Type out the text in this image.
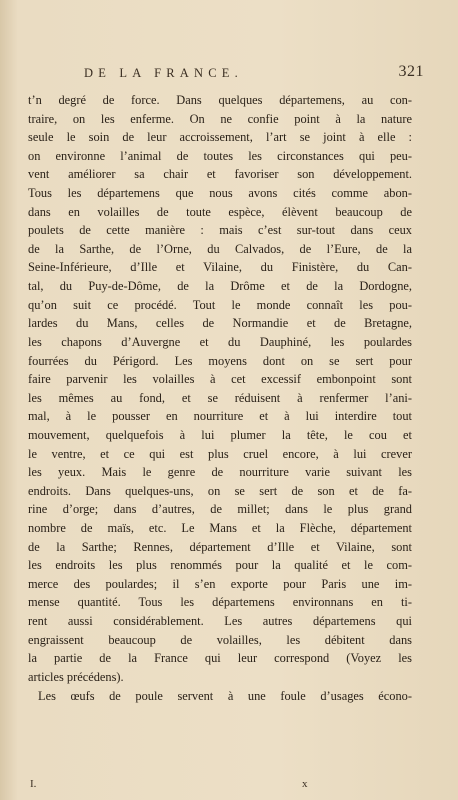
DE LA FRANCE.	321
t’n degré de force. Dans quelques départemens, au con-
traire, on les enferme. On ne confie point à la nature
seule le soin de leur accroissement, l’art se joint à elle :
on environne l’animal de toutes les circonstances qui peu-
vent améliorer sa chair et favoriser son développement.
Tous les départemens que nous avons cités comme abon-
dans en volailles de toute espèce, élèvent beaucoup de
poulets de cette manière : mais c’est sur-tout dans ceux
de la Sarthe, de l’Orne, du Calvados, de l’Eure, de la
Seine-Inférieure, d’Ille et Vilaine, du Finistère, du Can-
tal, du Puy-de-Dôme, de la Drôme et de la Dordogne,
qu’on suit ce procédé. Tout le monde connaît les pou-
lardes du Mans, celles de Normandie et de Bretagne,
les chapons d’Auvergne et du Dauphiné, les poulardes
fourrées du Périgord. Les moyens dont on se sert pour
faire parvenir les volailles à cet excessif embonpoint sont
les mêmes au fond, et se réduisent à renfermer l’ani-
mal, à le pousser en nourriture et à lui interdire tout
mouvement, quelquefois à lui plumer la tête, le cou et
le ventre, et ce qui est plus cruel encore, à lui crever
les yeux. Mais le genre de nourriture varie suivant les
endroits. Dans quelques-uns, on se sert de son et de fa-
rine d’orge; dans d’autres, de millet; dans le plus grand
nombre de maïs, etc. Le Mans et la Flèche, département
de la Sarthe; Rennes, département d’Ille et Vilaine, sont
les endroits les plus renommés pour la qualité et le com-
merce des poulardes; il s’en exporte pour Paris une im-
mense quantité. Tous les départemens environnans en ti-
rent aussi considérablement. Les autres départemens qui
engraissent beaucoup de volailles, les débitent dans
la partie de la France qui leur correspond (Voyez les
articles précédens).
Les œufs de poule servent à une foule d’usages écono-
I.	x
